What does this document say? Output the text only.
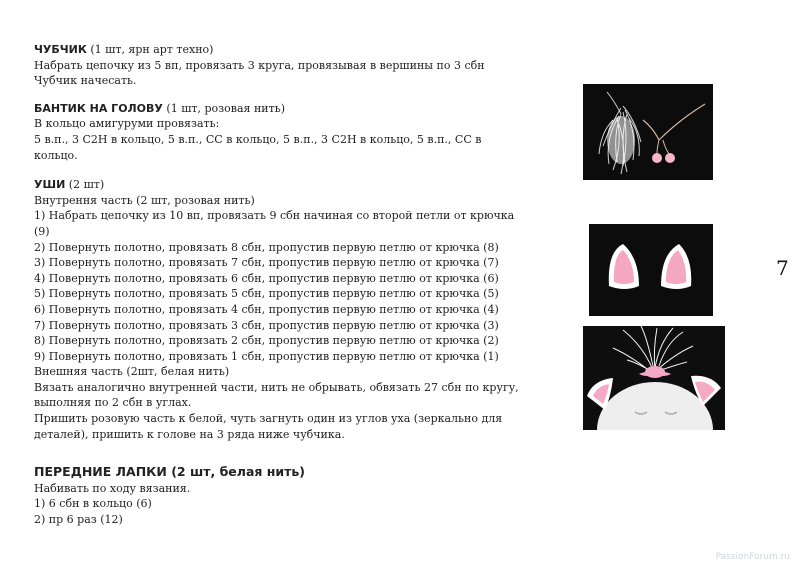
ЧУБЧИК (1 шт, ярн арт техно)

Набрать цепочку из 5 вп, провязать 3 круга, провязывая в вершины по 3 сбн

Чубчик начесать.

БАНТИК НА ГОЛОВУ (1 шт, розовая нить)

В кольцо амигуруми провязать:

5 в.п., 3 С2Н в кольцо, 5 в.п., СС в кольцо, 5 в.п., 3 С2Н в кольцо, 5 в.п., СС в

кольцо.

УШИ (2 шт)

Внутрення часть (2 шт, розовая нить)

1) Набрать цепочку из 10 вп, провязать 9 сбн начиная со второй петли от крючка

(9)

2) Повернуть полотно, провязать 8 сбн, пропустив первую петлю от крючка (8)

3) Повернуть полотно, провязать 7 сбн, пропустив первую петлю от крючка (7)

4) Повернуть полотно, провязать 6 сбн, пропустив первую петлю от крючка (6)

5) Повернуть полотно, провязать 5 сбн, пропустив первую петлю от крючка (5)

6) Повернуть полотно, провязать 4 сбн, пропустив первую петлю от крючка (4)

7) Повернуть полотно, провязать 3 сбн, пропустив первую петлю от крючка (3)

8) Повернуть полотно, провязать 2 сбн, пропустив первую петлю от крючка (2)

9) Повернуть полотно, провязать 1 сбн, пропустив первую петлю от крючка (1)

Внешняя часть (2шт, белая нить)

Вязать аналогично внутренней части, нить не обрывать, обвязать 27 сбн по кругу,

выполняя по 2 сбн в углах.

Пришить розовую часть к белой, чуть загнуть один из углов уха (зеркально для

деталей), пришить к голове на 3 ряда ниже чубчика.

ПЕРЕДНИЕ ЛАПКИ (2 шт, белая нить)

Набивать по ходу вязания.

1) 6 сбн в кольцо (6)

2) пр 6 раз (12)

7
PassionForum.ru
